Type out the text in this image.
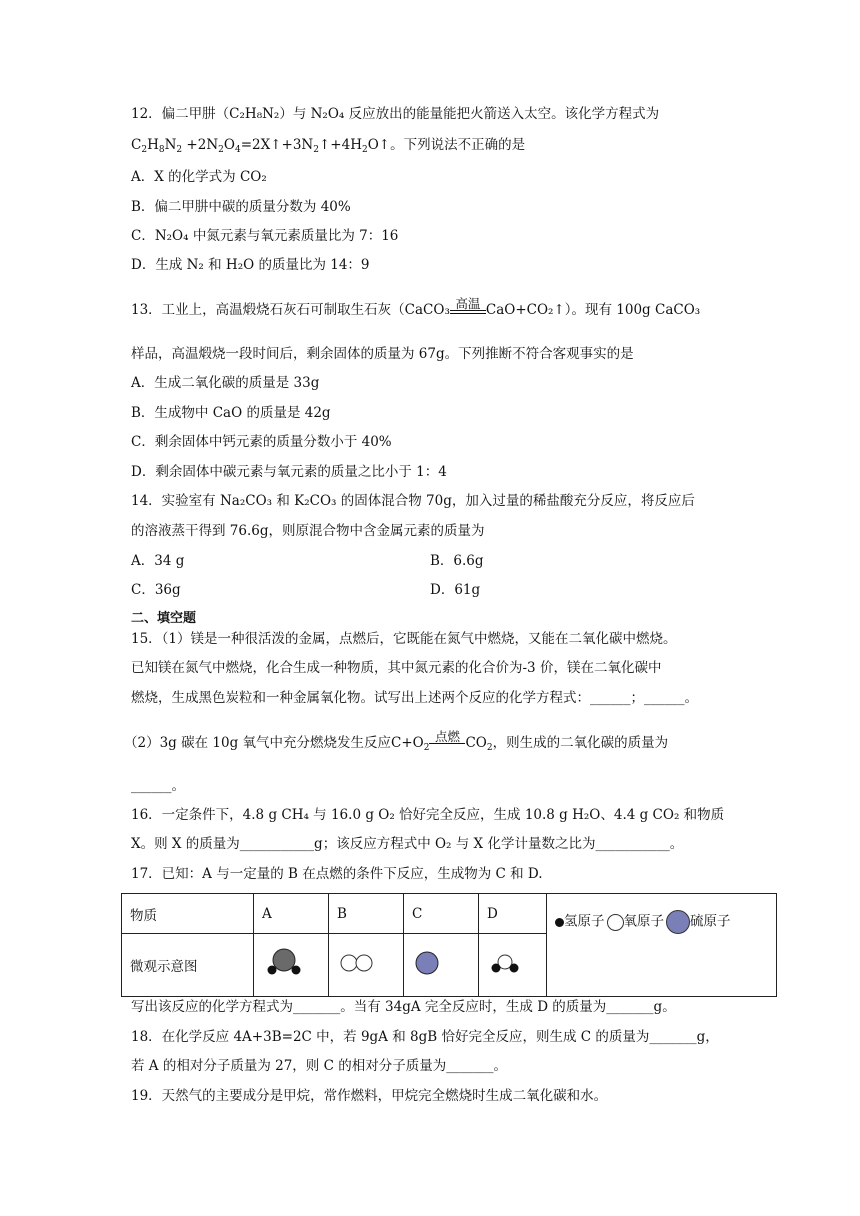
12．偏二甲肼（C₂H₈N₂）与 N₂O₄ 反应放出的能量能把火箭送入太空。该化学方程式为
$C_2H_8N_2$ $+2N_2O_4=2X↑+3N_2↑+4H_2O↑$。下列说法不正确的是
A．X 的化学式为 CO₂
B．偏二甲肼中碳的质量分数为 40%
C．N₂O₄ 中氮元素与氧元素质量比为 7：16
D．生成 N₂ 和 H₂O 的质量比为 14：9
13．工业上，高温煅烧石灰石可制取生石灰（CaCO₃ 高温 CaO+CO₂↑）。现有 100g CaCO₃
样品，高温煅烧一段时间后，剩余固体的质量为 67g。下列推断不符合客观事实的是
A．生成二氧化碳的质量是 33g
B．生成物中 CaO 的质量是 42g
C．剩余固体中钙元素的质量分数小于 40%
D．剩余固体中碳元素与氧元素的质量之比小于 1：4
14．实验室有 Na₂CO₃ 和 K₂CO₃ 的固体混合物 70g，加入过量的稀盐酸充分反应，将反应后
的溶液蒸干得到 76.6g，则原混合物中含金属元素的质量为
A．34 g	B．6.6g
C．36g	D．61g
二、填空题
15．（1）镁是一种很活泼的金属，点燃后，它既能在氮气中燃烧，又能在二氧化碳中燃烧。
已知镁在氮气中燃烧，化合生成一种物质，其中氮元素的化合价为-3 价，镁在二氧化碳中
燃烧，生成黑色炭粒和一种金属氧化物。试写出上述两个反应的化学方程式：______；______。
（2）3g 碳在 10g 氧气中充分燃烧发生反应$C+O_2$
点燃 $CO_2$，则生成的二氧化碳的质量为
______。
16．一定条件下，4.8 g CH₄ 与 16.0 g O₂ 恰好完全反应，生成 10.8 g H₂O、4.4 g CO₂ 和物质
X。则 X 的质量为___________g；该反应方程式中 O₂ 与 X 化学计量数之比为___________。
17．已知：A 与一定量的 B 在点燃的条件下反应，生成物为 C 和 D.
物质	A	B	C	D	氢原子 氧原子 硫原子
微观示意图				
写出该反应的化学方程式为_______。当有 34gA 完全反应时，生成 D 的质量为_______g。
18．在化学反应 4A+3B=2C 中，若 9gA 和 8gB 恰好完全反应，则生成 C 的质量为_______g，
若 A 的相对分子质量为 27，则 C 的相对分子质量为_______。
19．天然气的主要成分是甲烷，常作燃料，甲烷完全燃烧时生成二氧化碳和水。
